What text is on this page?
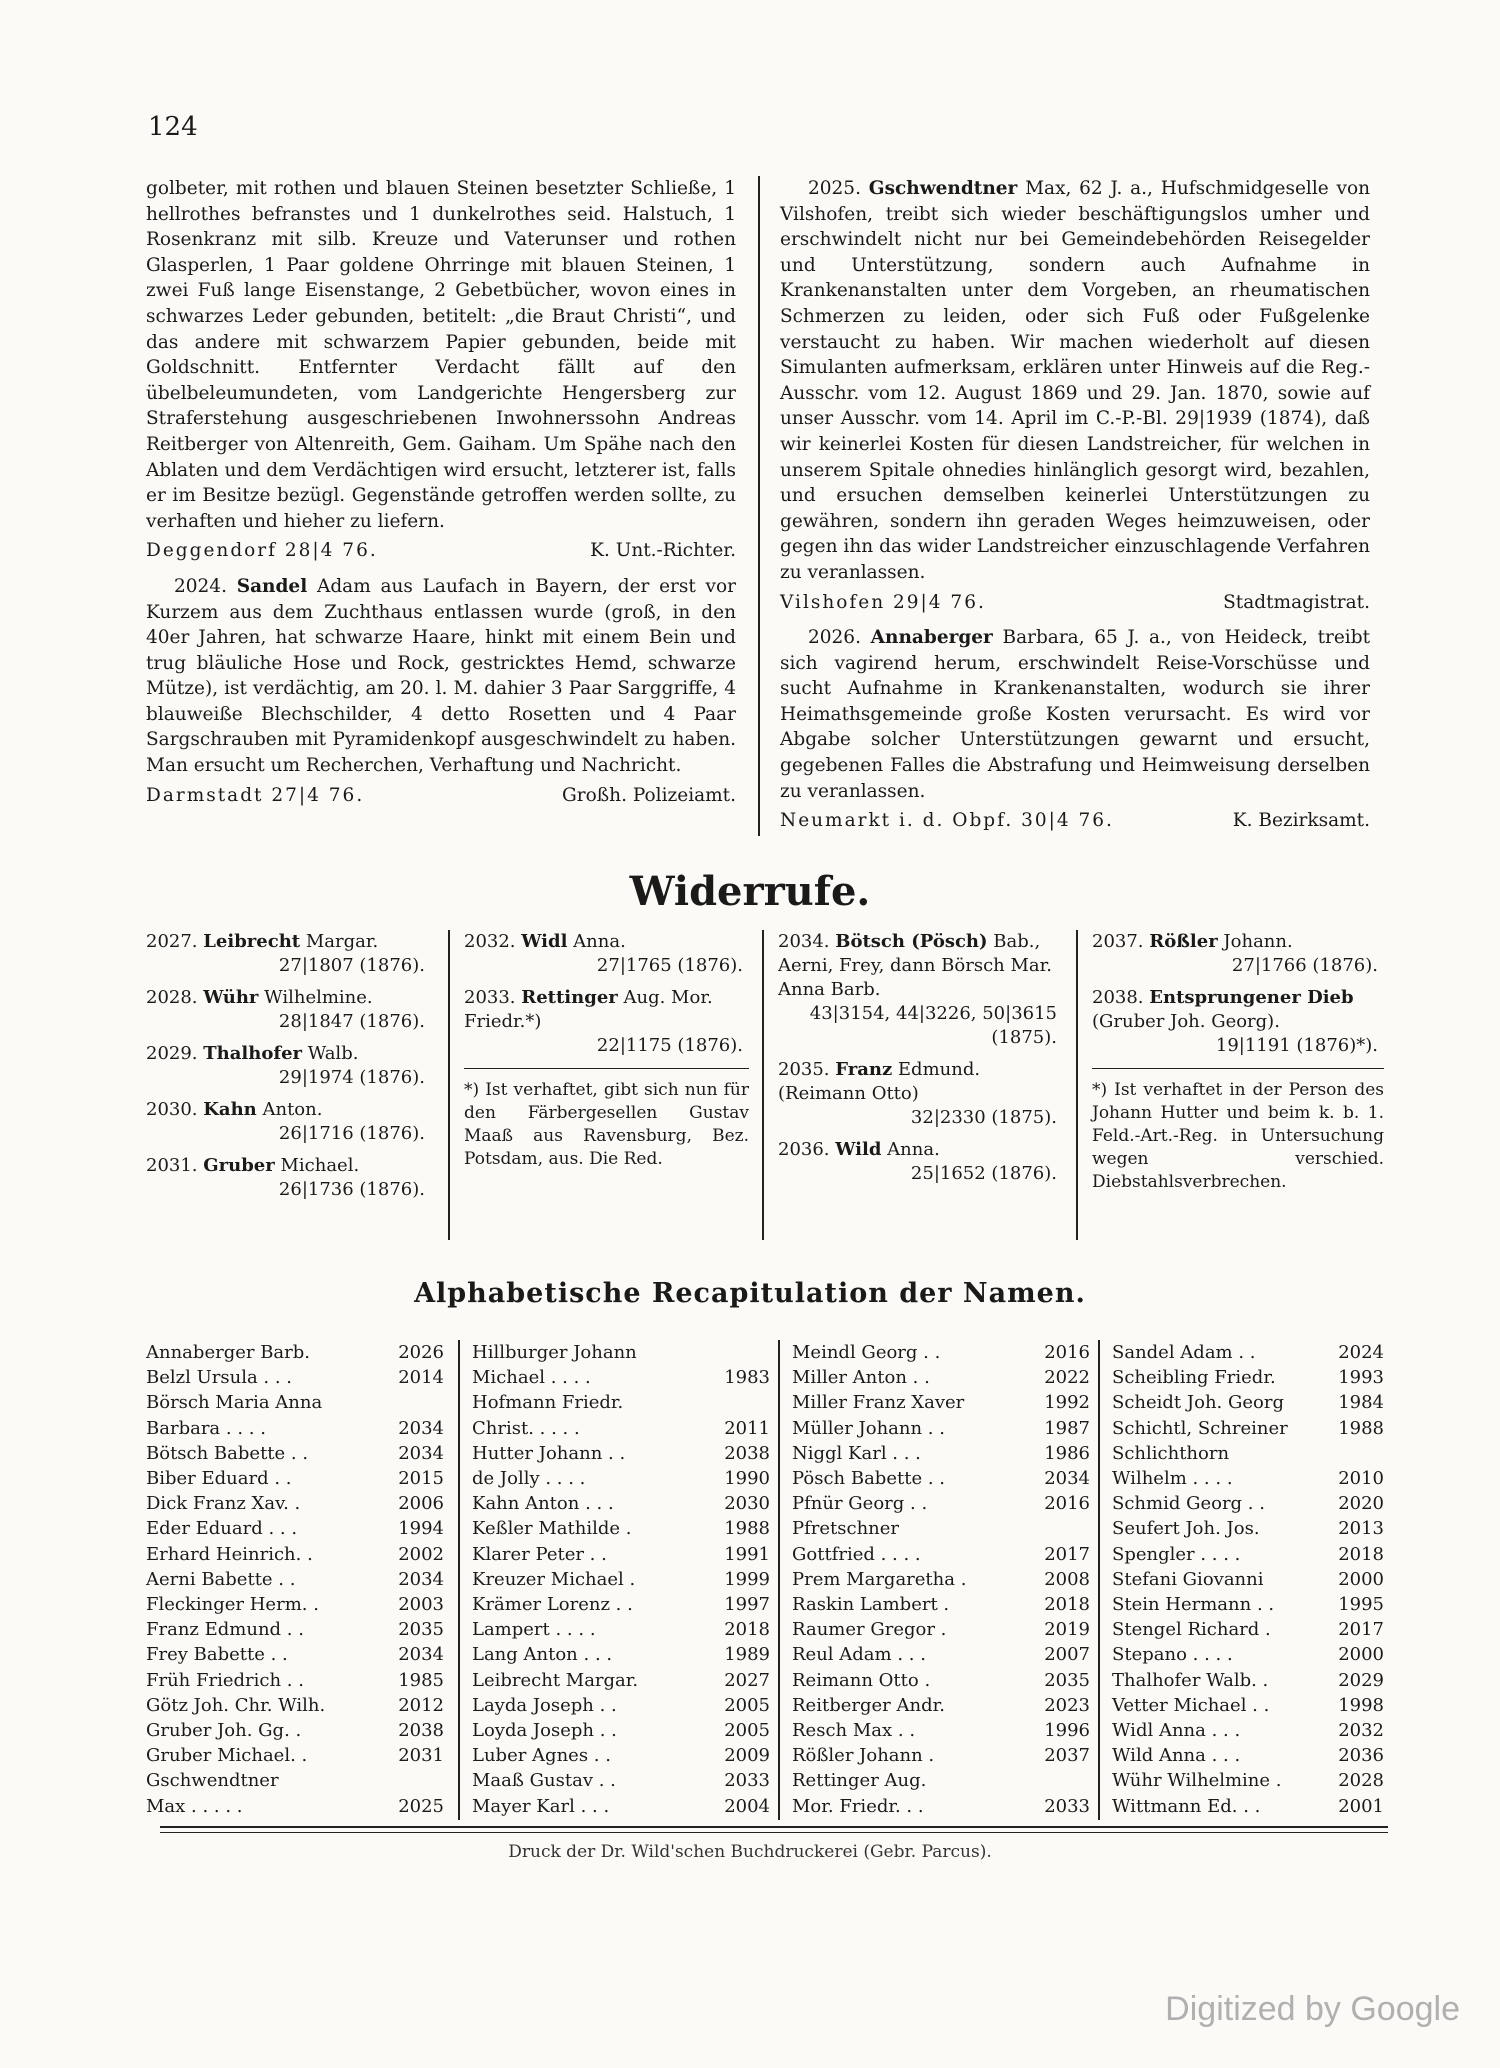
124

golbeter, mit rothen und blauen Steinen besetzter Schließe, 1 hellrothes befranstes und 1 dunkelrothes seid. Halstuch, 1 Rosenkranz mit silb. Kreuze und Vaterunser und rothen Glasperlen, 1 Paar goldene Ohrringe mit blauen Steinen, 1 zwei Fuß lange Eisenstange, 2 Gebetbücher, wovon eines in schwarzes Leder gebunden, betitelt: „die Braut Christi“, und das andere mit schwarzem Papier gebunden, beide mit Goldschnitt. Entfernter Verdacht fällt auf den übelbeleumundeten, vom Landgerichte Hengersberg zur Straferstehung ausgeschriebenen Inwohnerssohn Andreas Reitberger von Altenreith, Gem. Gaiham. Um Spähe nach den Ablaten und dem Verdächtigen wird ersucht, letzterer ist, falls er im Besitze bezügl. Gegenstände getroffen werden sollte, zu verhaften und hieher zu liefern.

Deggendorf 28|4 76.	K. Unt.-Richter.

2024. Sandel Adam aus Laufach in Bayern, der erst vor Kurzem aus dem Zuchthaus entlassen wurde (groß, in den 40er Jahren, hat schwarze Haare, hinkt mit einem Bein und trug bläuliche Hose und Rock, gestricktes Hemd, schwarze Mütze), ist verdächtig, am 20. l. M. dahier 3 Paar Sarggriffe, 4 blauweiße Blechschilder, 4 detto Rosetten und 4 Paar Sargschrauben mit Pyramidenkopf ausgeschwindelt zu haben. Man ersucht um Recherchen, Verhaftung und Nachricht.

Darmstadt 27|4 76.	Großh. Polizeiamt.

2025. Gschwendtner Max, 62 J. a., Hufschmidgeselle von Vilshofen, treibt sich wieder beschäftigungslos umher und erschwindelt nicht nur bei Gemeindebehörden Reisegelder und Unterstützung, sondern auch Aufnahme in Krankenanstalten unter dem Vorgeben, an rheumatischen Schmerzen zu leiden, oder sich Fuß oder Fußgelenke verstaucht zu haben. Wir machen wiederholt auf diesen Simulanten aufmerksam, erklären unter Hinweis auf die Reg.-Ausschr. vom 12. August 1869 und 29. Jan. 1870, sowie auf unser Ausschr. vom 14. April im C.-P.-Bl. 29|1939 (1874), daß wir keinerlei Kosten für diesen Landstreicher, für welchen in unserem Spitale ohnedies hinlänglich gesorgt wird, bezahlen, und ersuchen demselben keinerlei Unterstützungen zu gewähren, sondern ihn geraden Weges heimzuweisen, oder gegen ihn das wider Landstreicher einzuschlagende Verfahren zu veranlassen.

Vilshofen 29|4 76.	Stadtmagistrat.

2026. Annaberger Barbara, 65 J. a., von Heideck, treibt sich vagirend herum, erschwindelt Reise-Vorschüsse und sucht Aufnahme in Krankenanstalten, wodurch sie ihrer Heimathsgemeinde große Kosten verursacht. Es wird vor Abgabe solcher Unterstützungen gewarnt und ersucht, gegebenen Falles die Abstrafung und Heimweisung derselben zu veranlassen.

Neumarkt i. d. Obpf. 30|4 76.	K. Bezirksamt.
Widerrufe.
2027. Leibrecht Margar.
27|1807 (1876).
2028. Wühr Wilhelmine.
28|1847 (1876).
2029. Thalhofer Walb.
29|1974 (1876).
2030. Kahn Anton.
26|1716 (1876).
2031. Gruber Michael.
26|1736 (1876).
2032. Widl Anna.
27|1765 (1876).
2033. Rettinger Aug. Mor. Friedr.*)
22|1175 (1876).
*) Ist verhaftet, gibt sich nun für den Färbergesellen Gustav Maaß aus Ravensburg, Bez. Potsdam, aus. Die Red.
2034. Bötsch (Pösch) Bab., Aerni, Frey, dann Börsch Mar. Anna Barb.
43|3154, 44|3226, 50|3615 (1875).
2035. Franz Edmund. (Reimann Otto)
32|2330 (1875).
2036. Wild Anna.
25|1652 (1876).
2037. Rößler Johann.
27|1766 (1876).
2038. Entsprungener Dieb (Gruber Joh. Georg).
19|1191 (1876)*).
*) Ist verhaftet in der Person des Johann Hutter und beim k. b. 1. Feld.-Art.-Reg. in Untersuchung wegen verschied. Diebstahlsverbrechen.
Alphabetische Recapitulation der Namen.
Annaberger Barb.	2026
Belzl Ursula . . .	2014
Börsch Maria Anna
Barbara . . . .	2034
Bötsch Babette . .	2034
Biber Eduard . .	2015
Dick Franz Xav. .	2006
Eder Eduard . . .	1994
Erhard Heinrich. .	2002
Aerni Babette . .	2034
Fleckinger Herm. .	2003
Franz Edmund . .	2035
Frey Babette . .	2034
Früh Friedrich . .	1985
Götz Joh. Chr. Wilh.	2012
Gruber Joh. Gg. .	2038
Gruber Michael. .	2031
Gschwendtner
Max . . . . .	2025
Hillburger Johann
Michael . . . .	1983
Hofmann Friedr.
Christ. . . . .	2011
Hutter Johann . .	2038
de Jolly . . . .	1990
Kahn Anton . . .	2030
Keßler Mathilde .	1988
Klarer Peter . .	1991
Kreuzer Michael .	1999
Krämer Lorenz . .	1997
Lampert . . . .	2018
Lang Anton . . .	1989
Leibrecht Margar.	2027
Layda Joseph . .	2005
Loyda Joseph . .	2005
Luber Agnes . .	2009
Maaß Gustav . .	2033
Mayer Karl . . .	2004
Meindl Georg . .	2016
Miller Anton . .	2022
Miller Franz Xaver	1992
Müller Johann . .	1987
Niggl Karl . . .	1986
Pösch Babette . .	2034
Pfnür Georg . .	2016
Pfretschner
Gottfried . . . .	2017
Prem Margaretha .	2008
Raskin Lambert .	2018
Raumer Gregor .	2019
Reul Adam . . .	2007
Reimann Otto .	2035
Reitberger Andr.	2023
Resch Max . .	1996
Rößler Johann .	2037
Rettinger Aug.
Mor. Friedr. . .	2033
Sandel Adam . .	2024
Scheibling Friedr.	1993
Scheidt Joh. Georg	1984
Schichtl, Schreiner	1988
Schlichthorn
Wilhelm . . . .	2010
Schmid Georg . .	2020
Seufert Joh. Jos.	2013
Spengler . . . .	2018
Stefani Giovanni	2000
Stein Hermann . .	1995
Stengel Richard .	2017
Stepano . . . .	2000
Thalhofer Walb. .	2029
Vetter Michael . .	1998
Widl Anna . . .	2032
Wild Anna . . .	2036
Wühr Wilhelmine .	2028
Wittmann Ed. . .	2001
Druck der Dr. Wild'schen Buchdruckerei (Gebr. Parcus).
Digitized by Google
